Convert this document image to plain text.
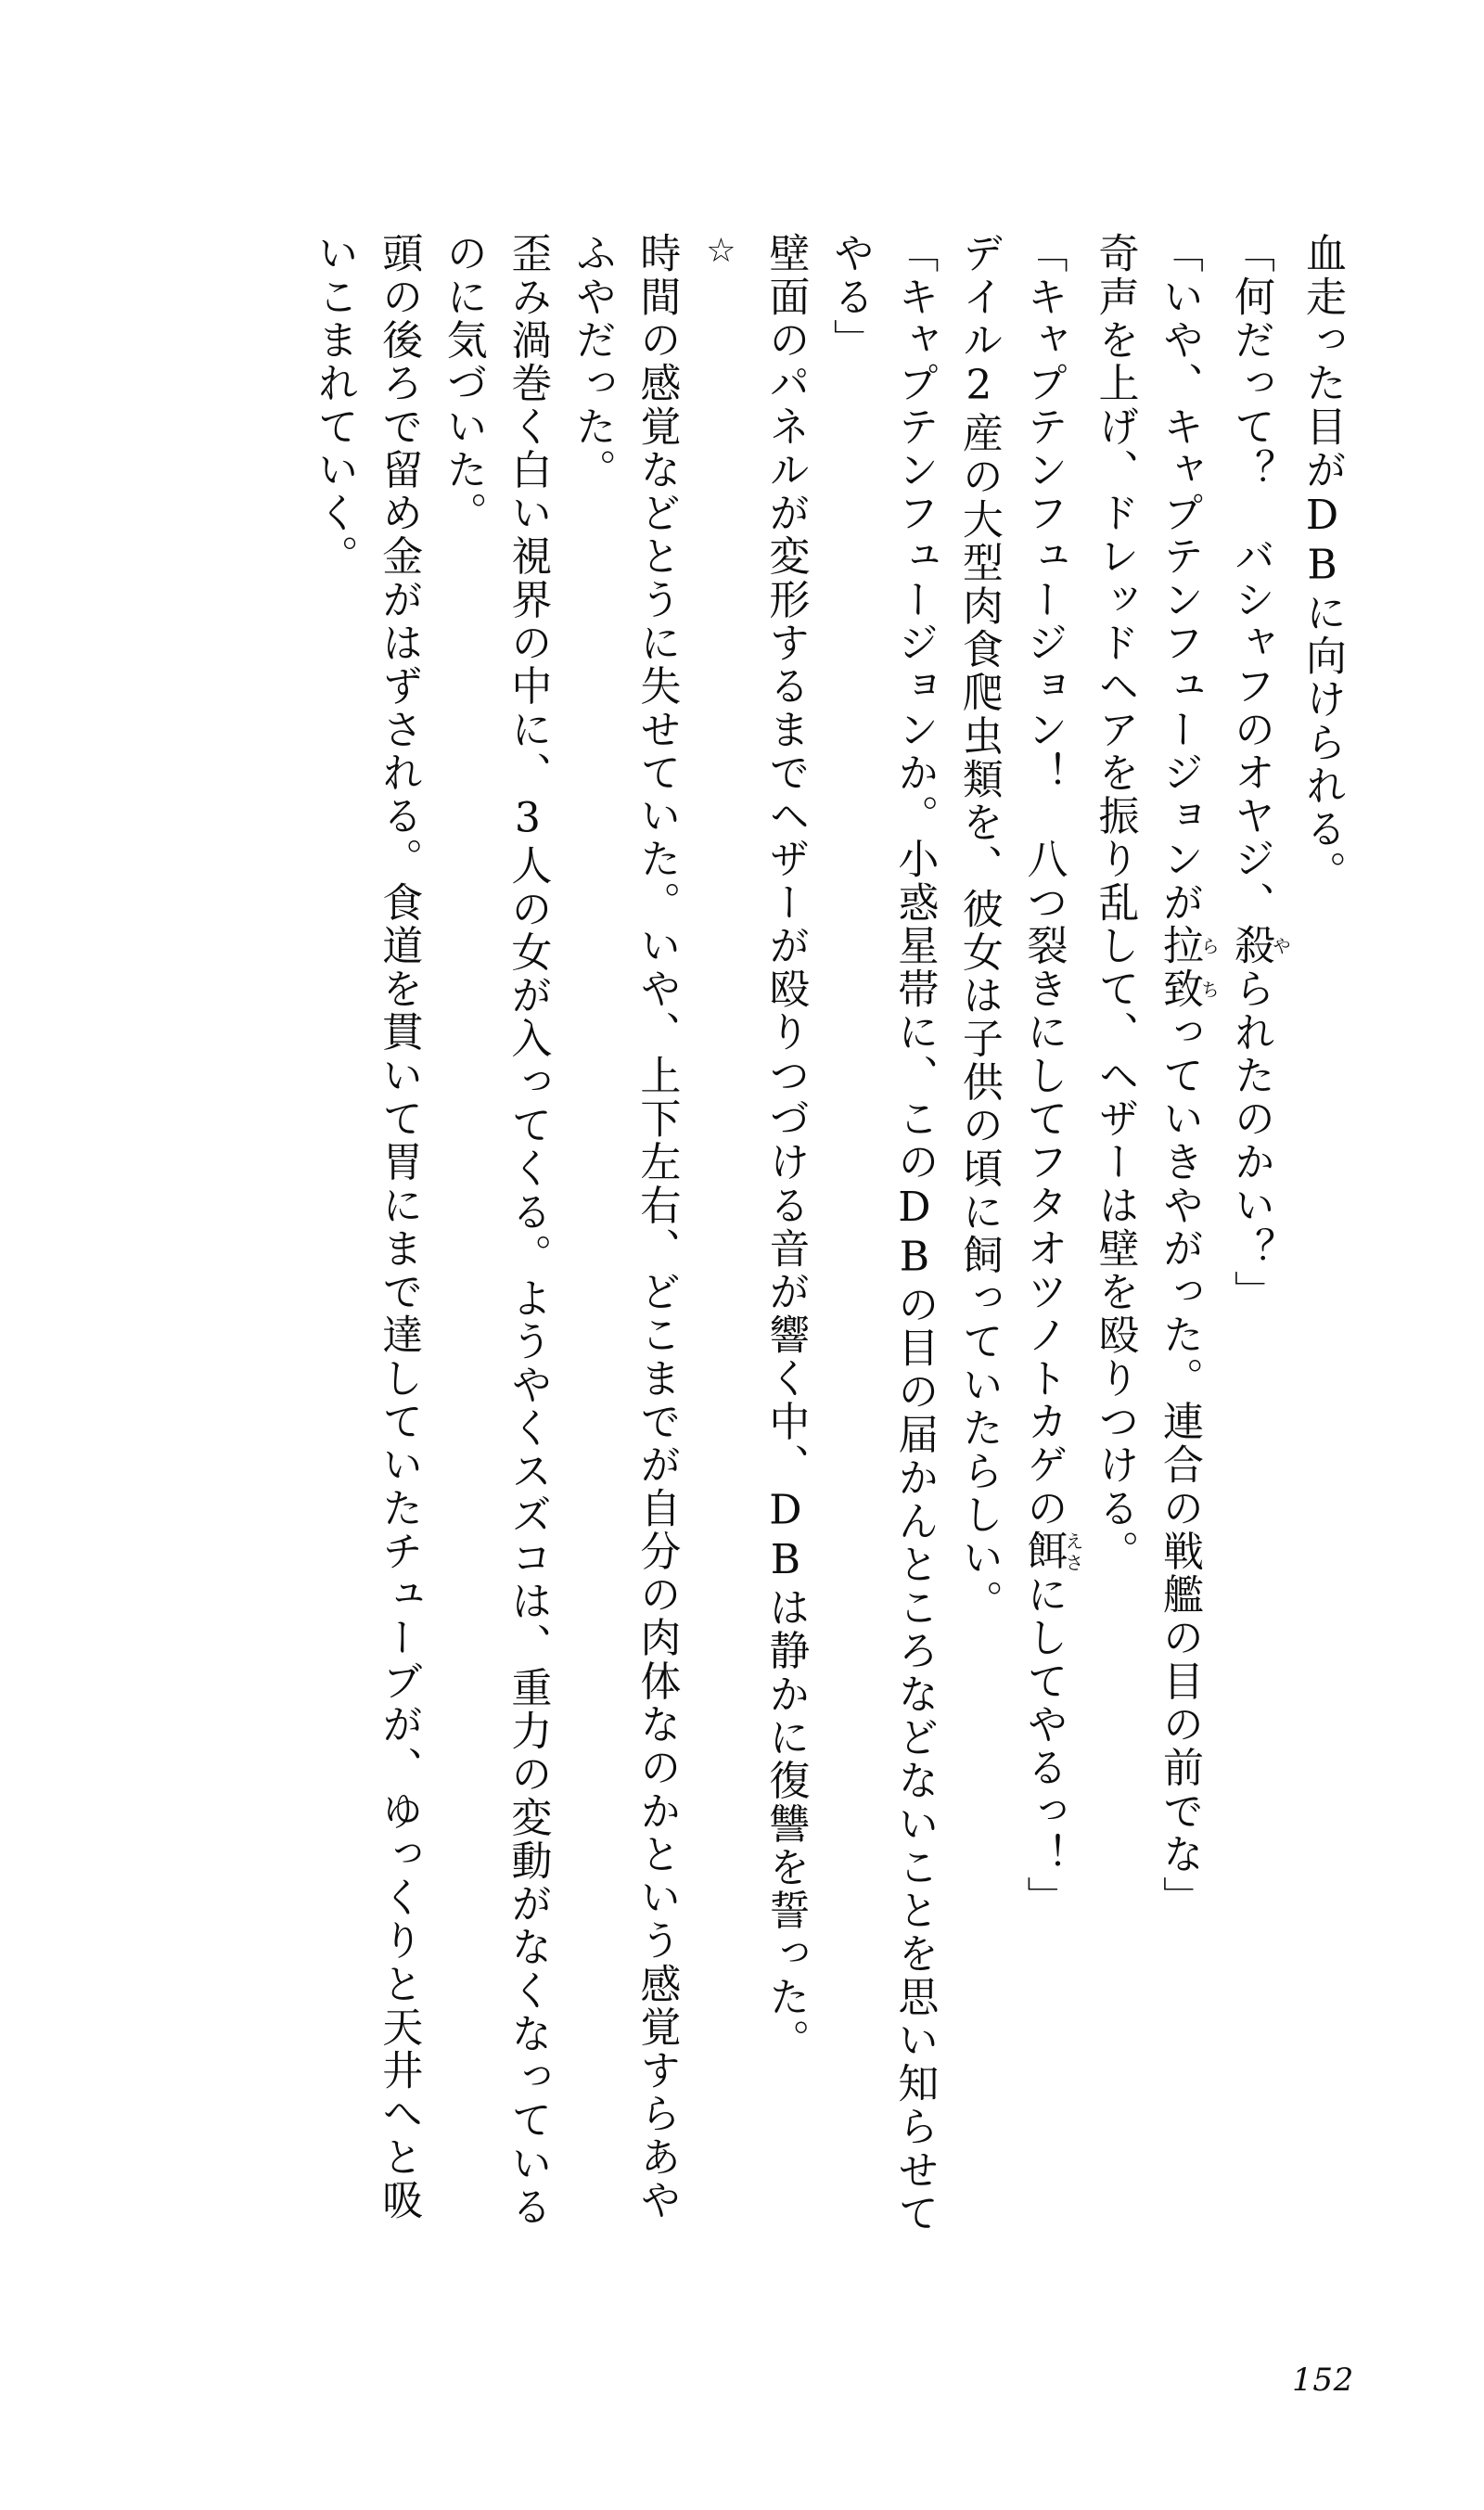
血走った目がDBに向けられる。

「何だって？　バシャフのオヤジ、殺やられたのかい？」

「いや、キャプテンフュージョンが拉致らちっていきやがった。連合の戦艦の目の前でな」

奇声を上げ、ドレッドヘアを振り乱して、ヘザーは壁を殴りつける。

「キャプテンフュージョン！　八つ裂きにしてフタオツノトカゲの餌えさにしてやるっ！」

デイル2産の大型肉食爬虫類を、彼女は子供の頃に飼っていたらしい。

「キャプテンフュージョンか。小惑星帯に、このDBの目の届かんところなどないことを思い知らせてやる」

壁面のパネルが変形するまでヘザーが殴りつづける音が響く中、DBは静かに復讐を誓った。

☆

時間の感覚などとうに失せていた。いや、上下左右、どこまでが自分の肉体なのかという感覚すらあやふやだった。

歪み渦巻く白い視界の中に、3人の女が入ってくる。ようやくスズコは、重力の変動がなくなっているのに気づいた。

頭の後ろで留め金がはずされる。食道を貫いて胃にまで達していたチューブが、ゆっくりと天井へと吸いこまれていく。

152
